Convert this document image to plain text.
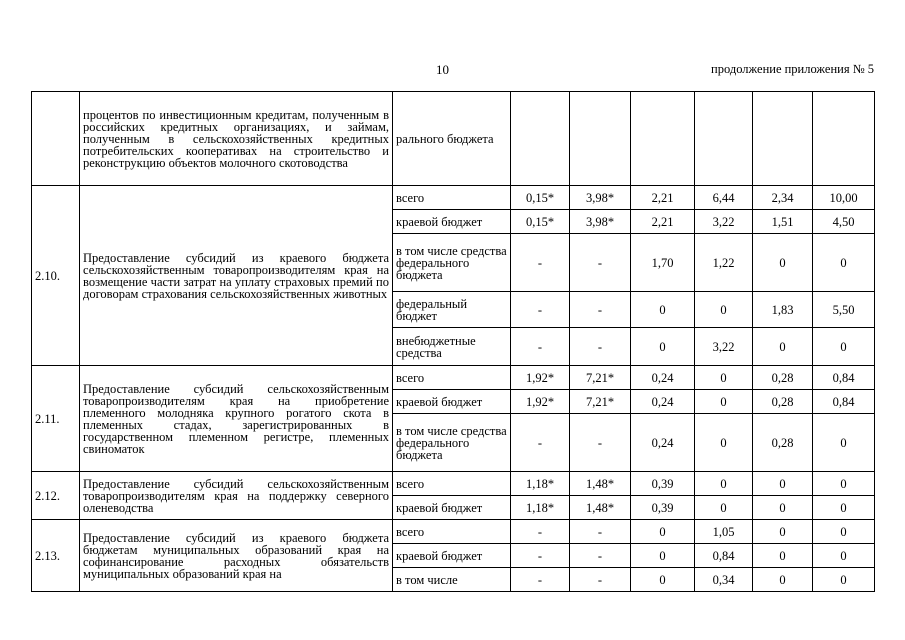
10	продолжение приложения № 5
	процентов по инвестиционным кредитам, полученным в российских кредитных организациях, и займам, полученным в сельскохозяйственных кредитных потребительских кооперативах на строительство и реконструкцию объектов молочного скотоводства	рального бюджета						
2.10.	Предоставление субсидий из краевого бюджета сельскохозяйственным товаропроизводителям края на возмещение части затрат на уплату страховых премий по договорам страхования сельскохозяйственных животных	всего	0,15*	3,98*	2,21	6,44	2,34	10,00
		краевой бюджет	0,15*	3,98*	2,21	3,22	1,51	4,50
		в том числе средства федерального бюджета	-	-	1,70	1,22	0	0
		федеральный бюджет	-	-	0	0	1,83	5,50
		внебюджетные средства	-	-	0	3,22	0	0
2.11.	Предоставление субсидий сельскохозяйственным товаропроизводителям края на приобретение племенного молодняка крупного рогатого скота в племенных стадах, зарегистрированных в государственном племенном регистре, племенных свиноматок	всего	1,92*	7,21*	0,24	0	0,28	0,84
		краевой бюджет	1,92*	7,21*	0,24	0	0,28	0,84
		в том числе средства федерального бюджета	-	-	0,24	0	0,28	0
2.12.	Предоставление субсидий сельскохозяйственным товаропроизводителям края на поддержку северного оленеводства	всего	1,18*	1,48*	0,39	0	0	0
		краевой бюджет	1,18*	1,48*	0,39	0	0	0
2.13.	Предоставление субсидий из краевого бюджета бюджетам муниципальных образований края на софинансирование расходных обязательств муниципальных образований края на	всего	-	-	0	1,05	0	0
		краевой бюджет	-	-	0	0,84	0	0
		в том числе	-	-	0	0,34	0	0
